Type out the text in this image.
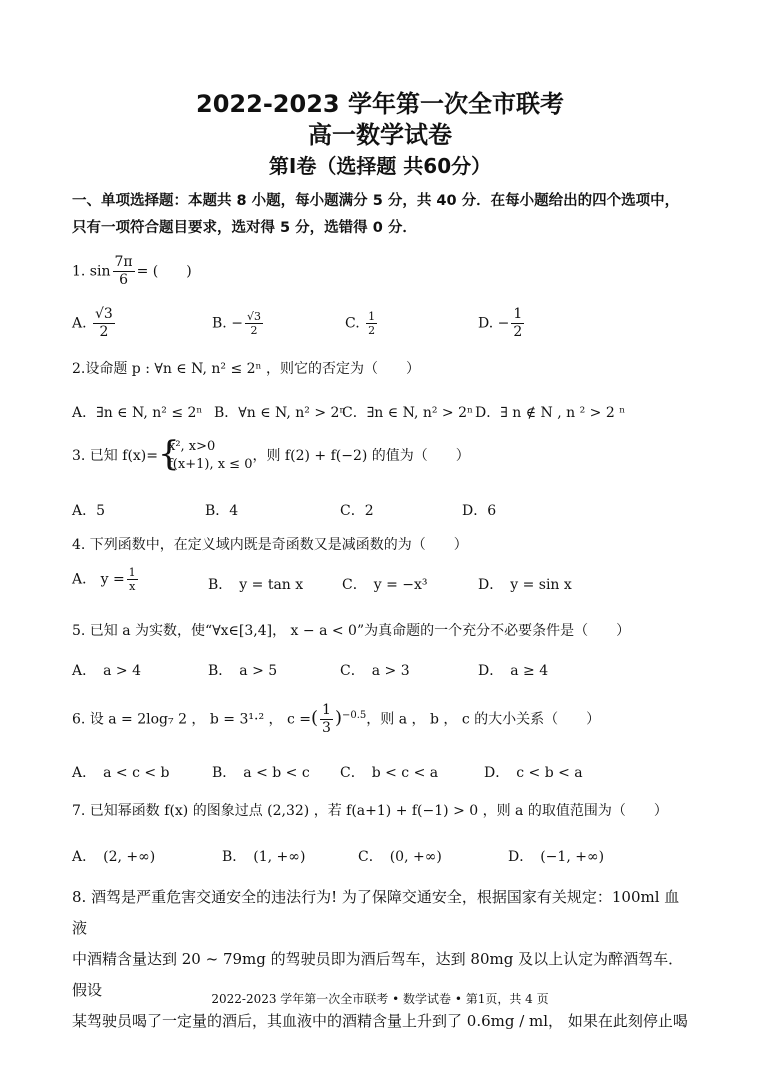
2022-2023 学年第一次全市联考
高一数学试卷
第Ⅰ卷（选择题 共60分）
一、单项选择题：本题共 8 小题，每小题满分 5 分，共 40 分．在每小题给出的四个选项中，
只有一项符合题目要求，选对得 5 分，选错得 0 分．
1. $\sin \frac{7\pi}{6}$ = (　　)
A. $\frac{√3}{2}$	B. − $\frac{√3}{2}$	C. $\frac{1}{2}$	D. − $\frac{1}{2}$
2.设命题 p : ∀n ∈ N, n² ≤ 2ⁿ ，则它的否定为（　　）
A．∃n ∈ N, n² ≤ 2ⁿ B．∀n ∈ N, n² > 2ⁿ
C．∃n ∈ N, n² > 2ⁿ D．∃ n ∉ N , n ² > 2 ⁿ
3. 已知 f(x)= {
x², x>0
f(x+1), x ≤ 0
，则 f(2) + f(−2) 的值为（　　）
A．5	B．4	C．2	D．6
4. 下列函数中，在定义域内既是奇函数又是减函数的为（　　）
A． $y = \frac{1}{x}$	B．　y = tan x	C．　y = −x³	D．　y = sin x
5. 已知 a 为实数，使“∀x∈[3,4]， x − a < 0”为真命题的一个充分不必要条件是（　　）
A．　a > 4	B．　a > 5	C．　a > 3	D．　a ≥ 4
6. 设 a = 2log₇ 2 ， b = 3¹·² ， c =( $\frac{1}{3} )^{-0.5}$，则 a ， b ， c 的大小关系（　　）
A．　a < c < b	B．　a < b < c C．　b < c < a	D．　c < b < a
7. 已知幂函数 f(x) 的图象过点 (2,32) ，若 f(a+1) + f(−1) > 0 ，则 a 的取值范围为（　　）
A．　(2, +∞)	B．　(1, +∞)	C．　(0, +∞)	D．　(−1, +∞)
8. 酒驾是严重危害交通安全的违法行为! 为了保障交通安全，根据国家有关规定：100ml 血液
中酒精含量达到 20 ~ 79mg 的驾驶员即为酒后驾车，达到 80mg 及以上认定为醉酒驾车．假设
某驾驶员喝了一定量的酒后，其血液中的酒精含量上升到了 0.6mg / ml， 如果在此刻停止喝
2022-2023 学年第一次全市联考 • 数学试卷 • 第1页，共 4 页
